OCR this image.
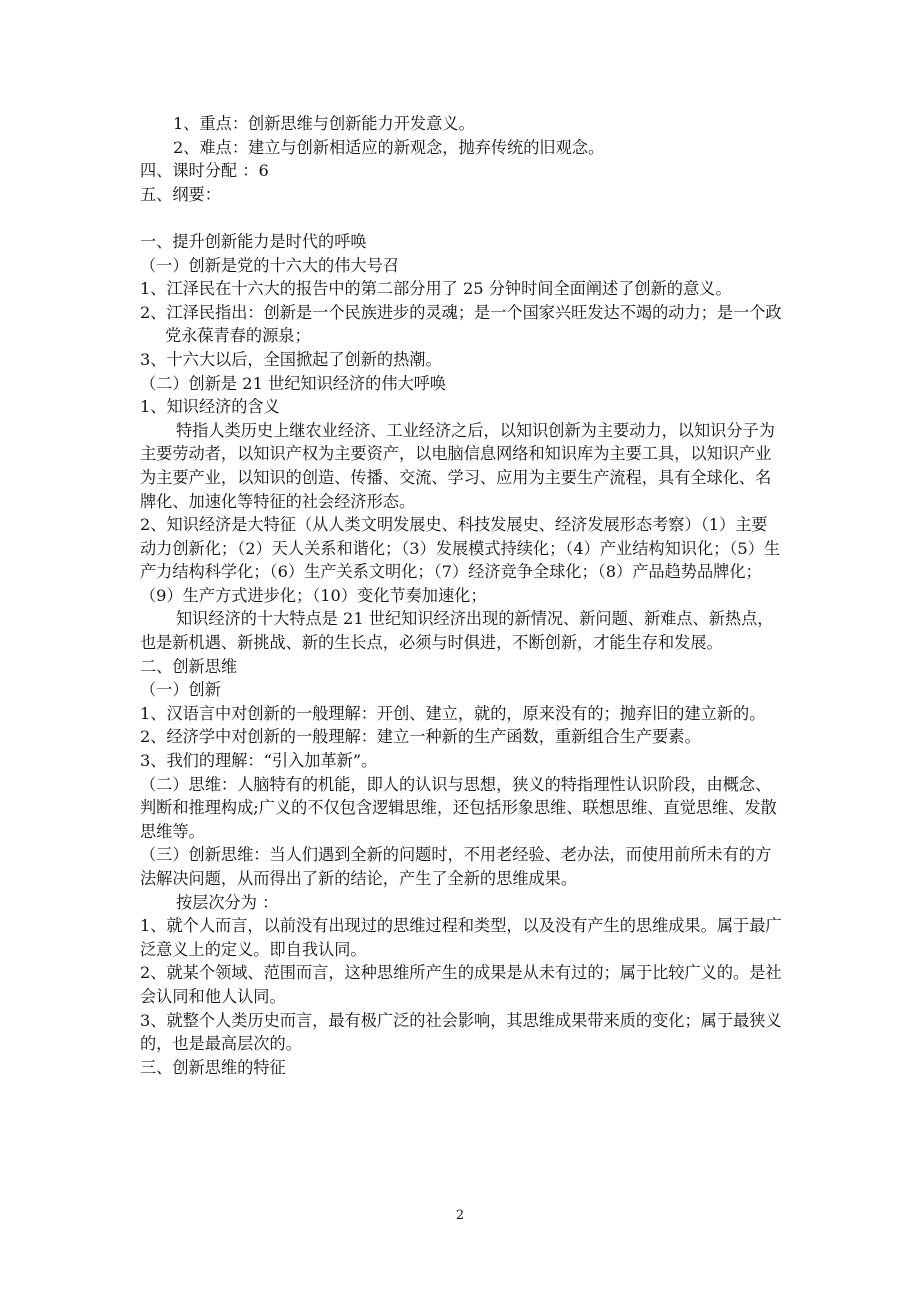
1、重点：创新思维与创新能力开发意义。

2、难点：建立与创新相适应的新观念，抛弃传统的旧观念。

四、课时分配 ：6

五、纲要：

一、提升创新能力是时代的呼唤

（一）创新是党的十六大的伟大号召

1、江泽民在十六大的报告中的第二部分用了 25 分钟时间全面阐述了创新的意义。

2、江泽民指出：创新是一个民族进步的灵魂；是一个国家兴旺发达不竭的动力；是一个政党永葆青春的源泉；

3、十六大以后，全国掀起了创新的热潮。

（二）创新是 21 世纪知识经济的伟大呼唤

1、知识经济的含义

特指人类历史上继农业经济、工业经济之后，以知识创新为主要动力，以知识分子为主要劳动者，以知识产权为主要资产，以电脑信息网络和知识库为主要工具，以知识产业为主要产业，以知识的创造、传播、交流、学习、应用为主要生产流程，具有全球化、名牌化、加速化等特征的社会经济形态。

2、知识经济是大特征（从人类文明发展史、科技发展史、经济发展形态考察）（1）主要动力创新化；（2）天人关系和谐化；（3）发展模式持续化；（4）产业结构知识化；（5）生产力结构科学化；（6）生产关系文明化；（7）经济竞争全球化；（8）产品趋势品牌化；（9）生产方式进步化；（10）变化节奏加速化；

知识经济的十大特点是 21 世纪知识经济出现的新情况、新问题、新难点、新热点，也是新机遇、新挑战、新的生长点，必须与时俱进，不断创新，才能生存和发展。

二、创新思维

（一）创新

1、汉语言中对创新的一般理解：开创、建立，就的，原来没有的；抛弃旧的建立新的。

2、经济学中对创新的一般理解：建立一种新的生产函数，重新组合生产要素。

3、我们的理解：“引入加革新”。

（二）思维：人脑特有的机能，即人的认识与思想，狭义的特指理性认识阶段，由概念、判断和推理构成;广义的不仅包含逻辑思维，还包括形象思维、联想思维、直觉思维、发散思维等。

（三）创新思维：当人们遇到全新的问题时，不用老经验、老办法，而使用前所未有的方法解决问题，从而得出了新的结论，产生了全新的思维成果。

按层次分为 ：

1、就个人而言，以前没有出现过的思维过程和类型，以及没有产生的思维成果。属于最广泛意义上的定义。即自我认同。

2、就某个领域、范围而言，这种思维所产生的成果是从未有过的；属于比较广义的。是社会认同和他人认同。

3、就整个人类历史而言，最有极广泛的社会影响，其思维成果带来质的变化；属于最狭义的，也是最高层次的。

三、创新思维的特征

2
